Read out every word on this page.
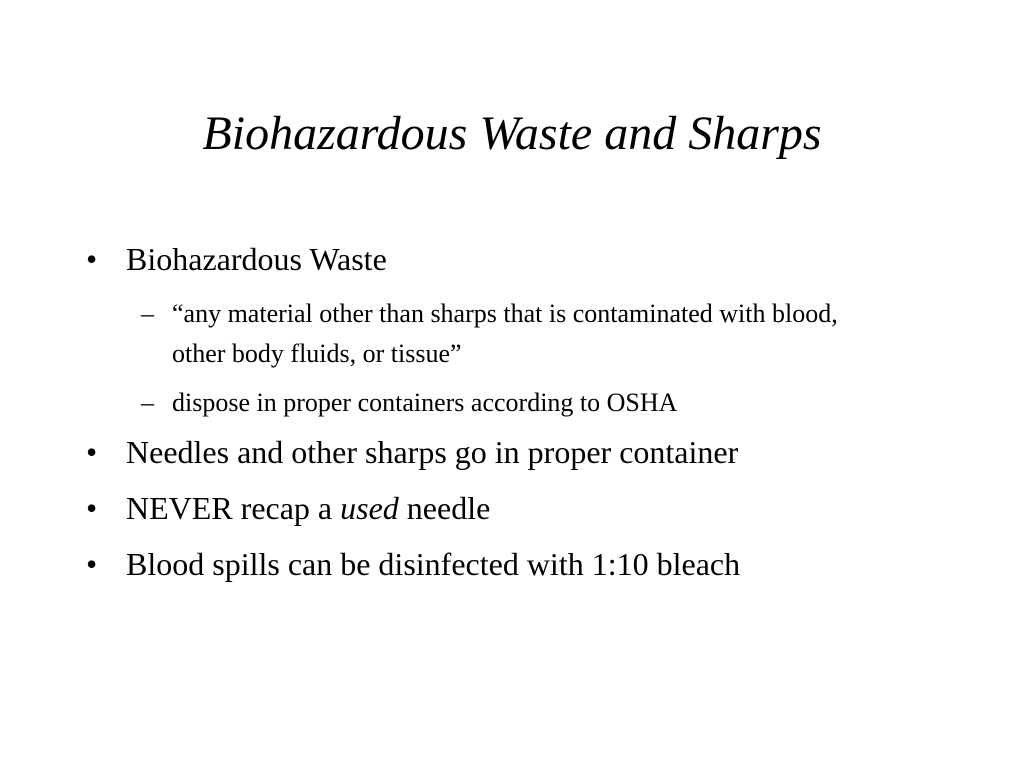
Biohazardous Waste and Sharps
• Biohazardous Waste
– “any material other than sharps that is contaminated with blood, other body fluids, or tissue”
– dispose in proper containers according to OSHA
• Needles and other sharps go in proper container
• NEVER recap a used needle
• Blood spills can be disinfected with 1:10 bleach
